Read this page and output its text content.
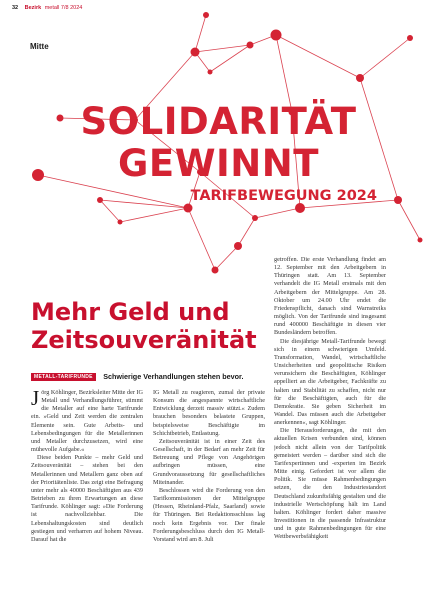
32 Bezirk metall 7/8 2024
Mitte
SOLIDARITÄT
GEWINNT
TARIFBEWEGUNG 2024
Mehr Geld und Zeitsouveränität
METALL-TARIFRUNDE Schwierige Verhandlungen stehen bevor.

Jörg Köhlinger, Bezirksleiter Mitte der IG Metall und Verhandlungsführer, stimmt die Metaller auf eine harte Tarifrunde ein. »Geld und Zeit werden die zentralen Elemente sein. Gute Arbeits- und Lebensbedingungen für die Metallerinnen und Metaller durchzusetzen, wird eine mühevolle Aufgabe.«

Diese beiden Punkte – mehr Geld und Zeitsouveränität – stehen bei den Metallerinnen und Metallern ganz oben auf der Prioritätenliste. Das zeigt eine Befragung unter mehr als 40000 Beschäftigten aus 439 Betrieben zu ihren Erwartungen an diese Tarifrunde. Köhlinger sagt: »Die Forderung ist nachvollziehbar. Die Lebenshaltungskosten sind deutlich gestiegen und verharren auf hohem Niveau. Darauf hat die

IG Metall zu reagieren, zumal der private Konsum die angespannte wirtschaftliche Entwicklung derzeit massiv stützt.« Zudem brauchen besonders belastete Gruppen, beispielsweise Beschäftigte im Schichtbetrieb, Entlastung.

Zeitsouveränität ist in einer Zeit des Gesellschaft, in der Bedarf an mehr Zeit für Betreuung und Pflege von Angehörigen aufbringen müssen, eine Grundvoraussetzung für gesellschaftliches Miteinander.

Beschlossen wird die Forderung von den Tarifkommissionen der Mittelgruppe (Hessen, Rheinland-Pfalz, Saarland) sowie für Thüringen. Bei Redaktionsschluss lag noch kein Ergebnis vor. Der finale Forderungsbeschluss durch den IG Metall-Vorstand wird am 8. Juli

getroffen. Die erste Verhandlung findet am 12. September mit den Arbeitgebern in Thüringen statt. Am 13. September verhandelt die IG Metall erstmals mit den Arbeitgebern der Mittelgruppe. Am 28. Oktober um 24.00 Uhr endet die Friedenspflicht, danach sind Warnstreiks möglich. Von der Tarifrunde sind insgesamt rund 400000 Beschäftigte in diesen vier Bundesländern betroffen.

Die diesjährige Metall-Tarifrunde bewegt sich in einem schwierigen Umfeld. Transformation, Wandel, wirtschaftliche Unsicherheiten und geopolitische Risiken verunsichern die Beschäftigten, Köhlinger appelliert an die Arbeitgeber, Fachkräfte zu halten und Stabilität zu schaffen, nicht nur für die Beschäftigten, auch für die Demokratie. Sie geben Sicherheit im Wandel. Das müssen auch die Arbeitgeber anerkennen«, sagt Köhlinger.

Die Herausforderungen, die mit den aktuellen Krisen verbunden sind, können jedoch nicht allein von der Tarifpolitik gemeistert werden – darüber sind sich die Tarifexpertinnen und -experten im Bezirk Mitte einig. Gefordert ist vor allem die Politik. Sie müsse Rahmenbedingungen setzen, die den Industriestandort Deutschland zukunftsfähig gestalten und die industrielle Wertschöpfung hält im Land halten. Köhlinger fordert daher massive Investitionen in die passende Infrastruktur und in gute Rahmenbedingungen für eine Wettbewerbsfähigkeit
